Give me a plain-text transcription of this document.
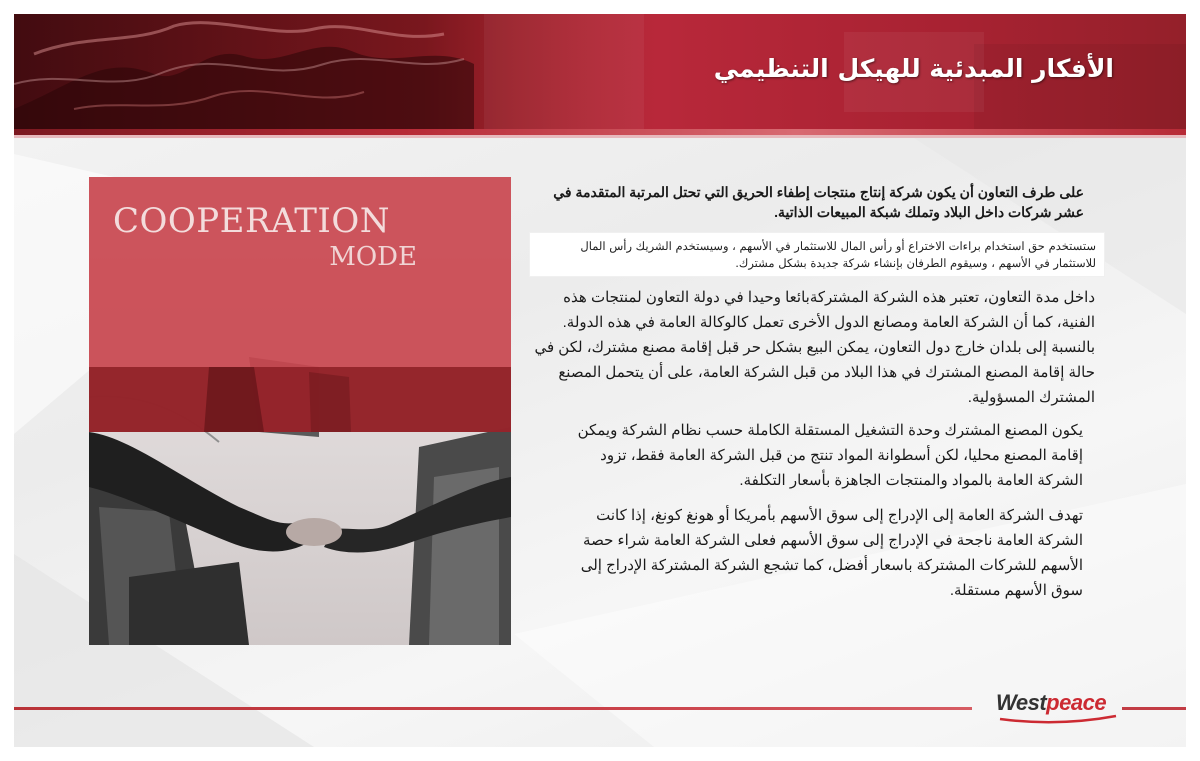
الأفكار المبدئية للهيكل التنظيمي
COOPERATION
MODE

على طرف التعاون أن يكون شركة إنتاج منتجات إطفاء الحريق التي تحتل المرتبة المتقدمة في عشر شركات داخل البلاد وتملك شبكة المبيعات الذاتية.

ستستخدم حق استخدام براءات الاختراع أو رأس المال للاستثمار في الأسهم ، وسيستخدم الشريك رأس المال للاستثمار في الأسهم ، وسيقوم الطرفان بإنشاء شركة جديدة بشكل مشترك.

داخل مدة التعاون، تعتبر هذه الشركة المشتركةبائعا وحيدا في دولة التعاون لمنتجات هذه الفنية، كما أن الشركة العامة ومصانع الدول الأخرى تعمل كالوكالة العامة في هذه الدولة. بالنسبة إلى بلدان خارج دول التعاون، يمكن البيع بشكل حر قبل إقامة مصنع مشترك، لكن في حالة إقامة المصنع المشترك في هذا البلاد من قبل الشركة العامة، على أن يتحمل المصنع المشترك المسؤولية.

يكون المصنع المشترك وحدة التشغيل المستقلة الكاملة حسب نظام الشركة ويمكن إقامة المصنع محليا، لكن أسطوانة المواد تنتج من قبل الشركة العامة فقط، تزود الشركة العامة بالمواد والمنتجات الجاهزة بأسعار التكلفة.

تهدف الشركة العامة إلى الإدراج إلى سوق الأسهم بأمريكا أو هونغ كونغ، إذا كانت الشركة العامة ناجحة في الإدراج إلى سوق الأسهم فعلى الشركة العامة شراء حصة الأسهم للشركات المشتركة باسعار أفضل، كما تشجع الشركة المشتركة الإدراج إلى سوق الأسهم مستقلة.

Westpeace
